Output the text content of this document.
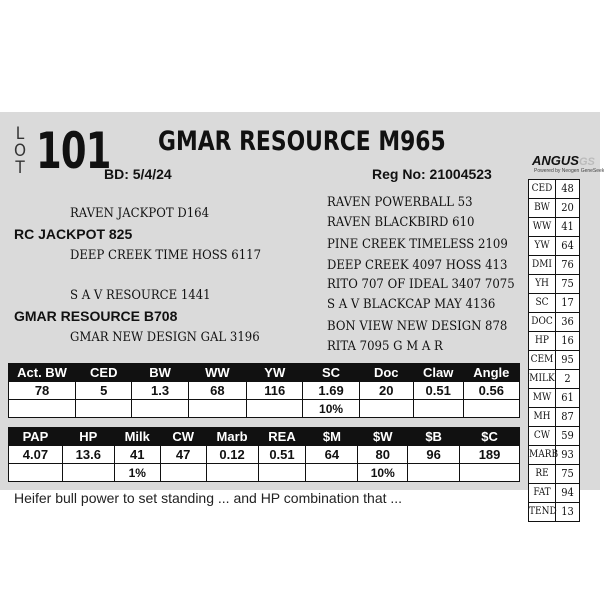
L
O
T 101 GMAR RESOURCE M965
BD: 5/4/24	Reg No: 21004523
RAVEN JACKPOT D164
RC JACKPOT 825
DEEP CREEK TIME HOSS 6117
S A V RESOURCE 1441
GMAR RESOURCE B708
GMAR NEW DESIGN GAL 3196
RAVEN POWERBALL 53
RAVEN BLACKBIRD 610
PINE CREEK TIMELESS 2109
DEEP CREEK 4097 HOSS 413
RITO 707 OF IDEAL 3407 7075
S A V BLACKCAP MAY 4136
BON VIEW NEW DESIGN 878
RITA 7095 G M A R
ANGUSGS
Powered by Neogen GeneSeek
CED 48
BW	20
WW 41
YW	64
DMI 76
YH	75
SC	17
DOC 36
HP	16
CEM 95
MILK 2
MW 61
MH 87
CW	59
MARB 93
RE	75
FAT 94
TEND 13
Act. BW	CED	BW	WW	YW	SC	Doc	Claw	Angle
78	5	1.3	68	116	1.69	20	0.51	0.56
					10%			
PAP	HP	Milk	CW	Marb	REA	$M	$W	$B	$C
4.07	13.6	41	47	0.12	0.51	64	80	96	189
		1%					10%		
Heifer bull power to set standing ... and HP combination that ...
